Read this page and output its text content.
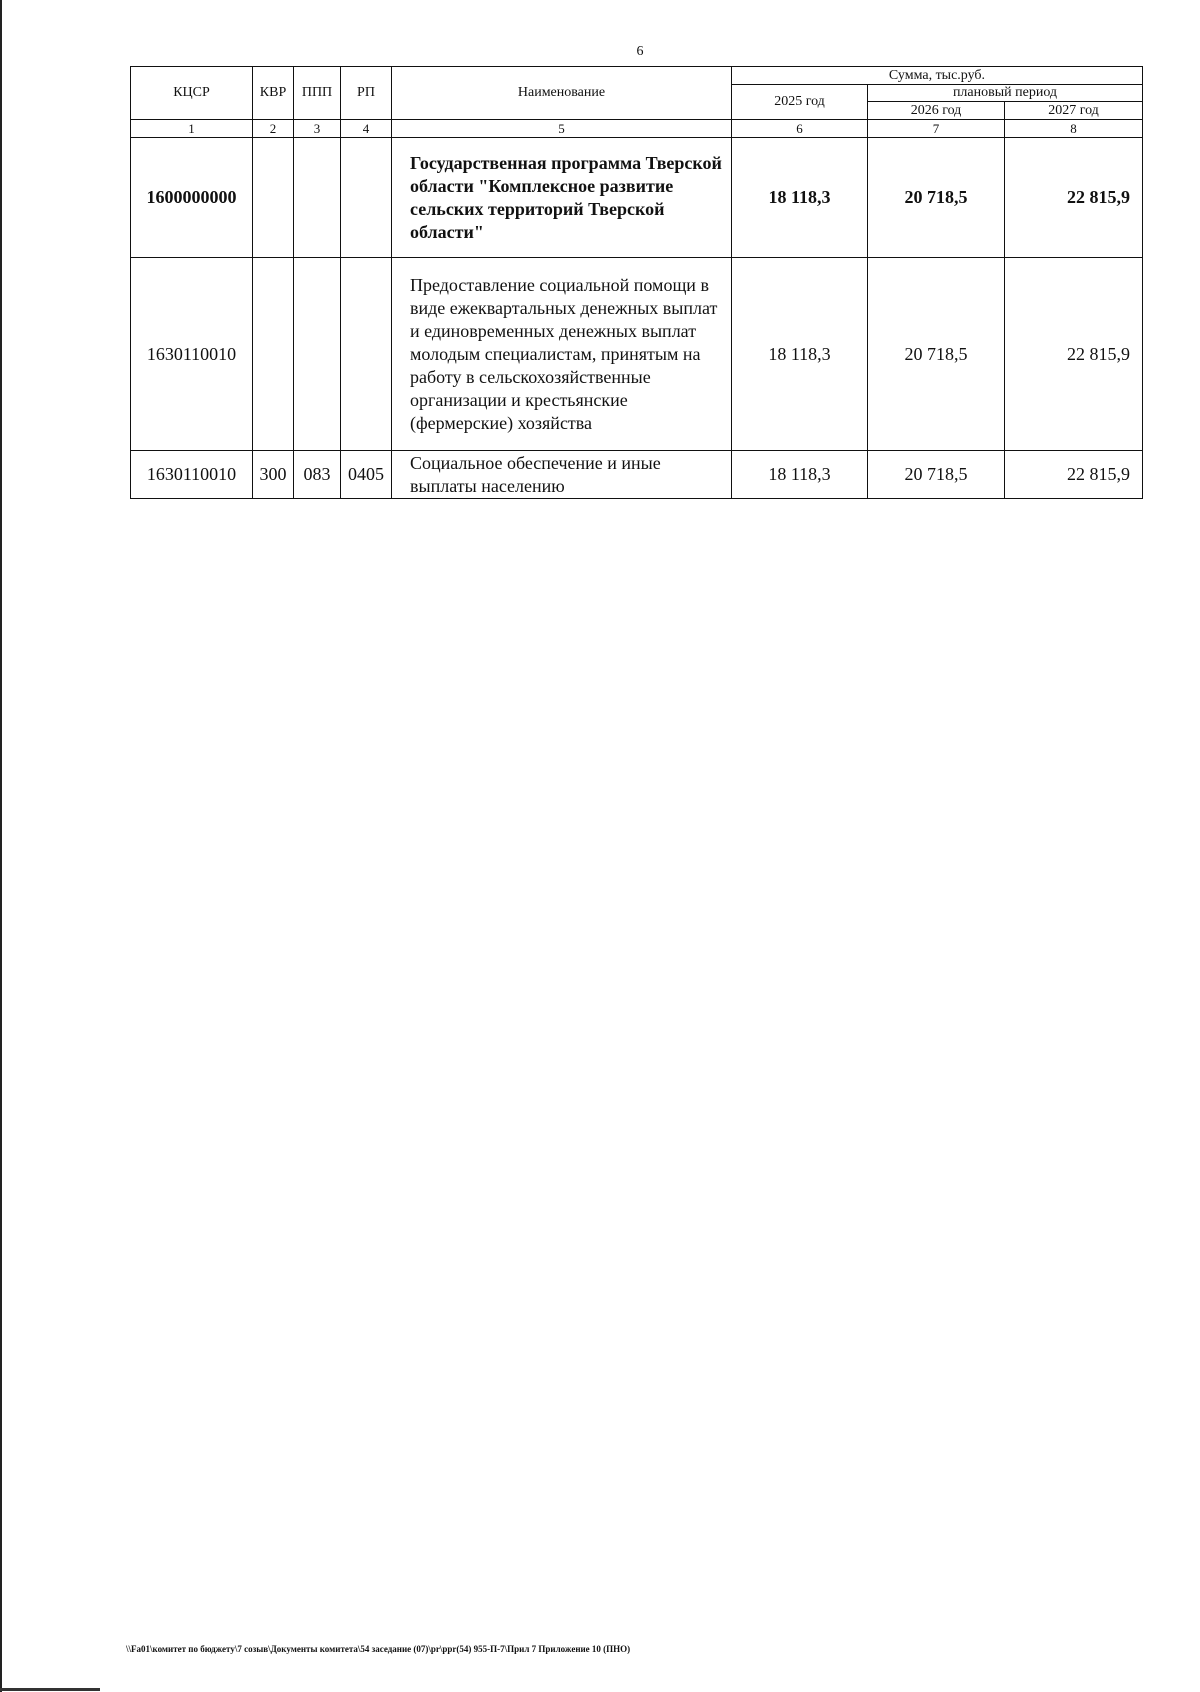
6
КЦСР	КВР	ППП	РП	Наименование	Сумма, тыс.руб.		
					2025 год	плановый период	
						2026 год	2027 год
1	2	3	4	5	6	7	8
1600000000				Государственная программа Тверской области "Комплексное развитие сельских территорий Тверской области"	18 118,3	20 718,5	22 815,9
1630110010				Предоставление социальной помощи в виде ежеквартальных денежных выплат и единовременных денежных выплат молодым специалистам, принятым на работу в сельскохозяйственные организации и крестьянские (фермерские) хозяйства	18 118,3	20 718,5	22 815,9
1630110010	300	083	0405	Социальное обеспечение и иные выплаты населению	18 118,3	20 718,5	22 815,9
\\Fa01\комитет по бюджету\7 созыв\Документы комитета\54 заседание (07)\pr\ppr(54) 955-П-7\Прил 7 Приложение 10 (ПНО)
